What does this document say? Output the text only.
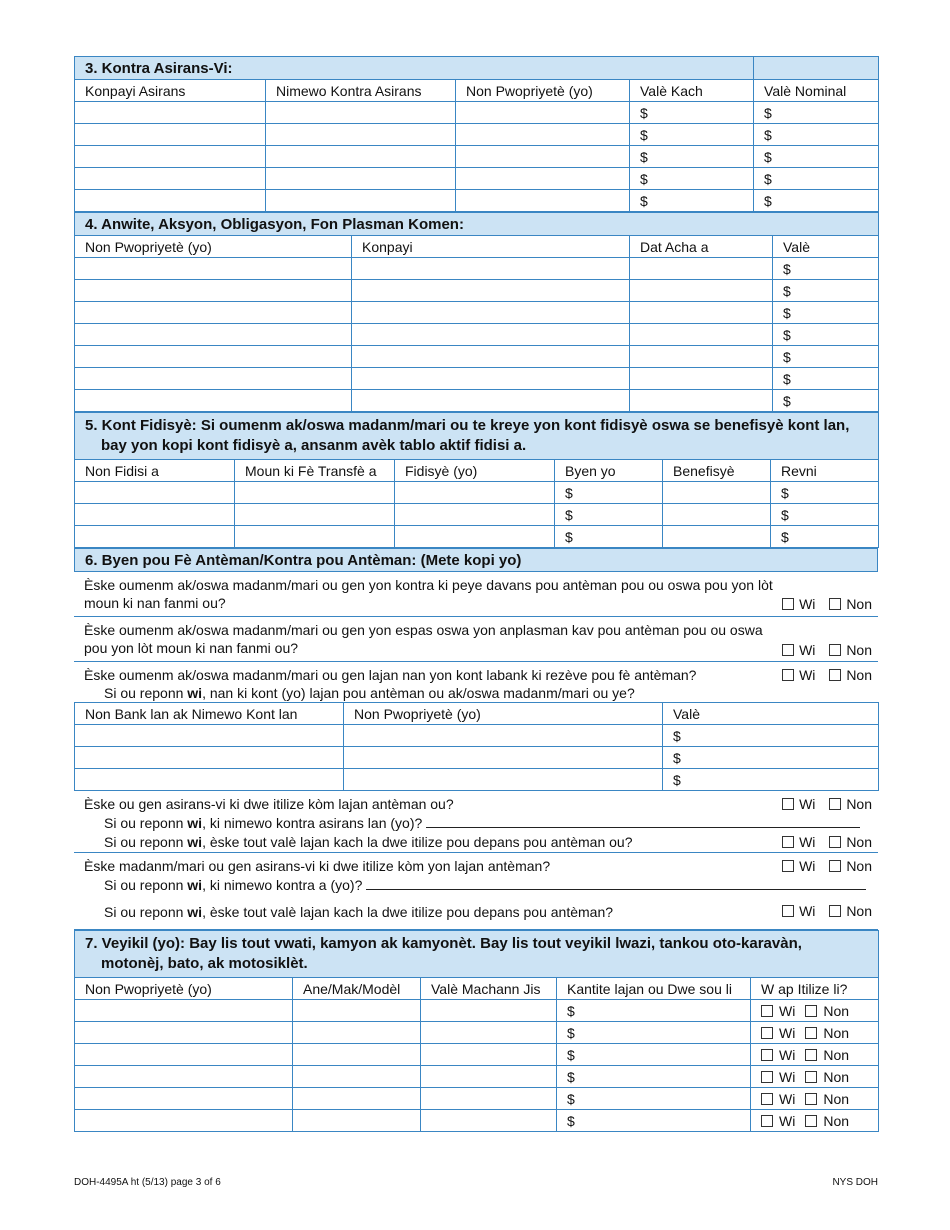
3. Kontra Asirans-Vi:				
Konpayi Asirans	Nimewo Kontra Asirans	Non Pwopriyetè (yo)	Valè Kach	Valè Nominal
			$	$
			$	$
			$	$
			$	$
			$	$
4. Anwite, Aksyon, Obligasyon, Fon Plasman Komen:			
Non Pwopriyetè (yo)	Konpayi	Dat Acha a	Valè
			$
			$
			$
			$
			$
			$
			$
5. Kont Fidisyè: Si oumenm ak/oswa madanm/mari ou te kreye yon kont fidisyè oswa se benefisyè kont lan, bay yon kopi kont fidisyè a, ansanm avèk tablo aktif fidisi a.					

Non Fidisi a	Moun ki Fè Transfè a	Fidisyè (yo)	Byen yo	Benefisyè	Revni
			$		$
			$		$
			$		$
6. Byen pou Fè Antèman/Kontra pou Antèman: (Mete kopi yo)
Èske oumenm ak/oswa madanm/mari ou gen yon kontra ki peye davans pou antèman pou ou oswa pou yon lòt moun ki nan fanmi ou?	Wi Non
Èske oumenm ak/oswa madanm/mari ou gen yon espas oswa yon anplasman kav pou antèman pou ou oswa pou yon lòt moun ki nan fanmi ou?	Wi Non
Èske oumenm ak/oswa madanm/mari ou gen lajan nan yon kont labank ki rezève pou fè antèman?
Si ou reponn wi, nan ki kont (yo) lajan pou antèman ou ak/oswa madanm/mari ou ye?
Wi Non
Non Bank lan ak Nimewo Kont lan	Non Pwopriyetè (yo)	Valè
		$
		$
		$
Èske ou gen asirans-vi ki dwe itilize kòm lajan antèman ou?
Si ou reponn wi, ki nimewo kontra asirans lan (yo)?
Si ou reponn wi, èske tout valè lajan kach la dwe itilize pou depans pou antèman ou?
Wi Non
Wi Non
Èske madanm/mari ou gen asirans-vi ki dwe itilize kòm yon lajan antèman?
Si ou reponn wi, ki nimewo kontra a (yo)?
Si ou reponn wi, èske tout valè lajan kach la dwe itilize pou depans pou antèman?
Wi Non
Wi Non
7. Veyikil (yo): Bay lis tout vwati, kamyon ak kamyonèt. Bay lis tout veyikil lwazi, tankou oto-karavàn, motonèj, bato, ak motosiklèt.				

Non Pwopriyetè (yo)	Ane/Mak/Modèl	Valè Machann Jis	Kantite lajan ou Dwe sou li	W ap Itilize li?
			$	Wi Non
			$	Wi Non
			$	Wi Non
			$	Wi Non
			$	Wi Non
			$	Wi Non
DOH-4495A ht (5/13) page 3 of 6	NYS DOH
